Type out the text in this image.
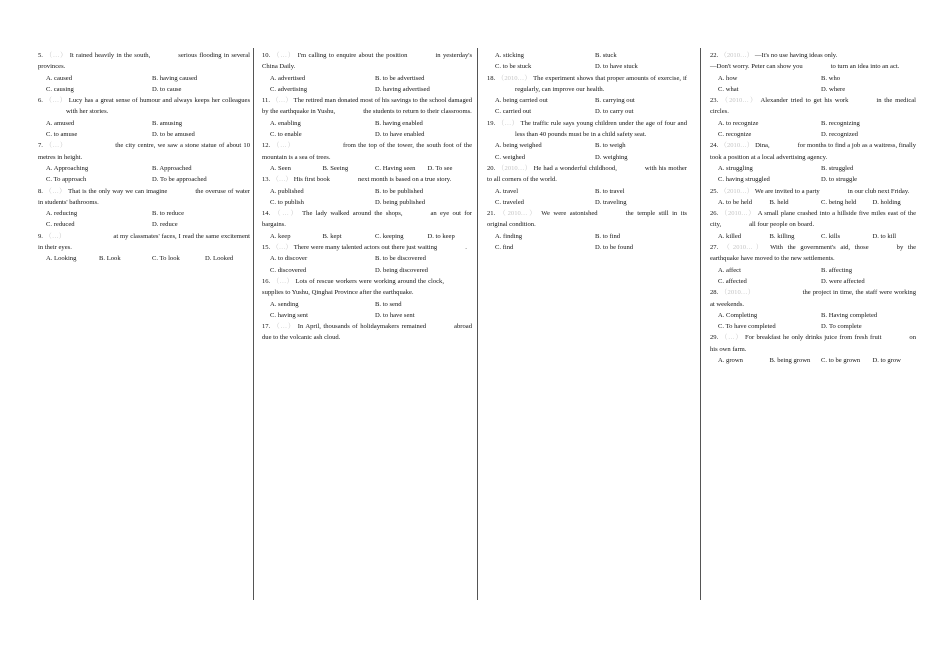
5. （…） It rained heavily in the south,	serious flooding in several provinces.
A. caused	B. having caused
C. causing	D. to cause
6. （…） Lucy has a great sense of humour and always keeps her colleagueswith her stories.
A. amused	B. amusing
C. to amuse	D. to be amused
7. （…）	the city centre, we saw a stone statue of about 10 metres in height.
A. Approaching	B. Approached
C. To approach	D. To be approached
8. （…） That is the only way we can imagine	the overuse of water in students' bathrooms.
A. reducing	B. to reduce
C. reduced	D. reduce
9. （…）	at my classmates' faces, I read the same excitement in their eyes.
A. Looking	B. Look	C. To look	D. Looked
10. （…） I'm calling to enquire about the position	in yesterday's China Daily.
A. advertised	B. to be advertised
C. advertising	D. having advertised
11. （…） The retired man donated most of his savings to the school damaged by the earthquake in Yushu,	the students to return to their classrooms.
A. enabling	B. having enabled
C. to enable	D. to have enabled
12. （…）	from the top of the tower, the south foot of the mountain is a sea of trees.
A. Seen	B. Seeing	C. Having seen	D. To see
13. （…） His first book	next month is based on a true story.
A. published	B. to be published
C. to publish	D. being published
14. （…） The lady walked around the shops,	an eye out for bargains.
A. keep	B. kept	C. keeping	D. to keep
15. （…） There were many talented actors out there just waiting	.
A. to discover	B. to be discovered
C. discovered	D. being discovered
16. （…） Lots of rescue workers were working around the clock,supplies to Yushu, Qinghai Province after the earthquake.
A. sending	B. to send
C. having sent	D. to have sent
17. （…） In April, thousands of holidaymakers remained	abroad due to the volcanic ash cloud.
A. sticking	B. stuck
C. to be stuck	D. to have stuck
18. （2010…） The experiment shows that proper amounts of exercise, ifregularly, can improve our health.
A. being carried out	B. carrying out
C. carried out	D. to carry out
19. （…） The traffic rule says young children under the age of four andless than 40 pounds must be in a child safety seat.
A. being weighed	B. to weigh
C. weighed	D. weighing
20. （2010…） He had a wonderful childhood,	with his mother to all corners of the world.
A. travel	B. to travel
C. traveled	D. traveling
21. （2010…） We were astonished	the temple still in its original condition.
A. finding	B. to find
C. find	D. to be found
22. （2010…） —It's no use having ideas only.
—Don't worry. Peter can show you	to turn an idea into an act.
A. how	B. who
C. what	D. where
23. （2010…） Alexander tried to get his work	in the medical circles.
A. to recognize	B. recognizing
C. recognize	D. recognized
24. （2010…） Dina,	for months to find a job as a waitress, finally took a position at a local advertising agency.
A. struggling	B. struggled
C. having struggled	D. to struggle
25. （2010…） We are invited to a party	in our club next Friday.
A. to be held	B. held	C. being held	D. holding
26. （2010…） A small plane crashed into a hillside five miles east of the city,	all four people on board.
A. killed	B. killing	C. kills	D. to kill
27. （2010…） With the government's aid, those	by the earthquake have moved to the new settlements.
A. affect	B. affecting
C. affected	D. were affected
28. （2010…）	the project in time, the staff were working at weekends.
A. Completing	B. Having completed
C. To have completed	D. To complete
29. （…） For breakfast he only drinks juice from fresh fruit	on his own farm.
A. grown	B. being grown	C. to be grown	D. to grow
